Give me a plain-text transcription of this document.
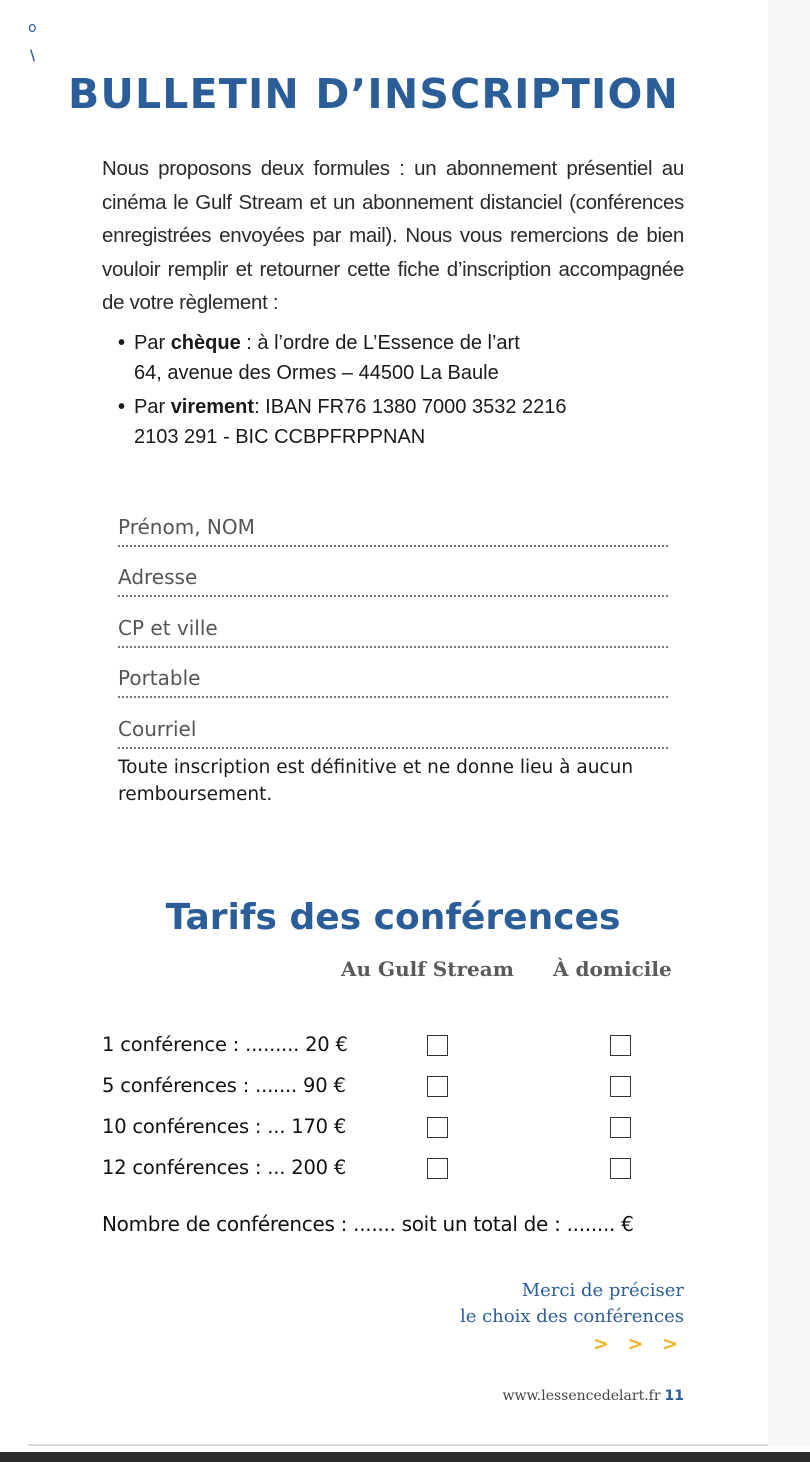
o
\
BULLETIN D’INSCRIPTION
Nous proposons deux formules : un abonnement présentiel au cinéma le Gulf Stream et un abonnement distanciel (conférences enregistrées envoyées par mail). Nous vous remercions de bien vouloir remplir et retourner cette fiche d’inscription accompagnée de votre règlement :
• Par chèque : à l’ordre de L’Essence de l’art
64, avenue des Ormes – 44500 La Baule
• Par virement: IBAN FR76 1380 7000 3532 2216
2103 291 - BIC CCBPFRPPNAN
Prénom, NOM
Adresse
CP et ville
Portable
Courriel
Toute inscription est définitive et ne donne lieu à aucun remboursement.
Tarifs des conférences
Au Gulf Stream À domicile
1 conférence : ......... 20 €
5 conférences : ....... 90 €
10 conférences : ... 170 €
12 conférences : ... 200 €
Nombre de conférences : ....... soit un total de : ........ €
Merci de préciser
le choix des conférences
> > >
www.lessencedelart.fr 11
